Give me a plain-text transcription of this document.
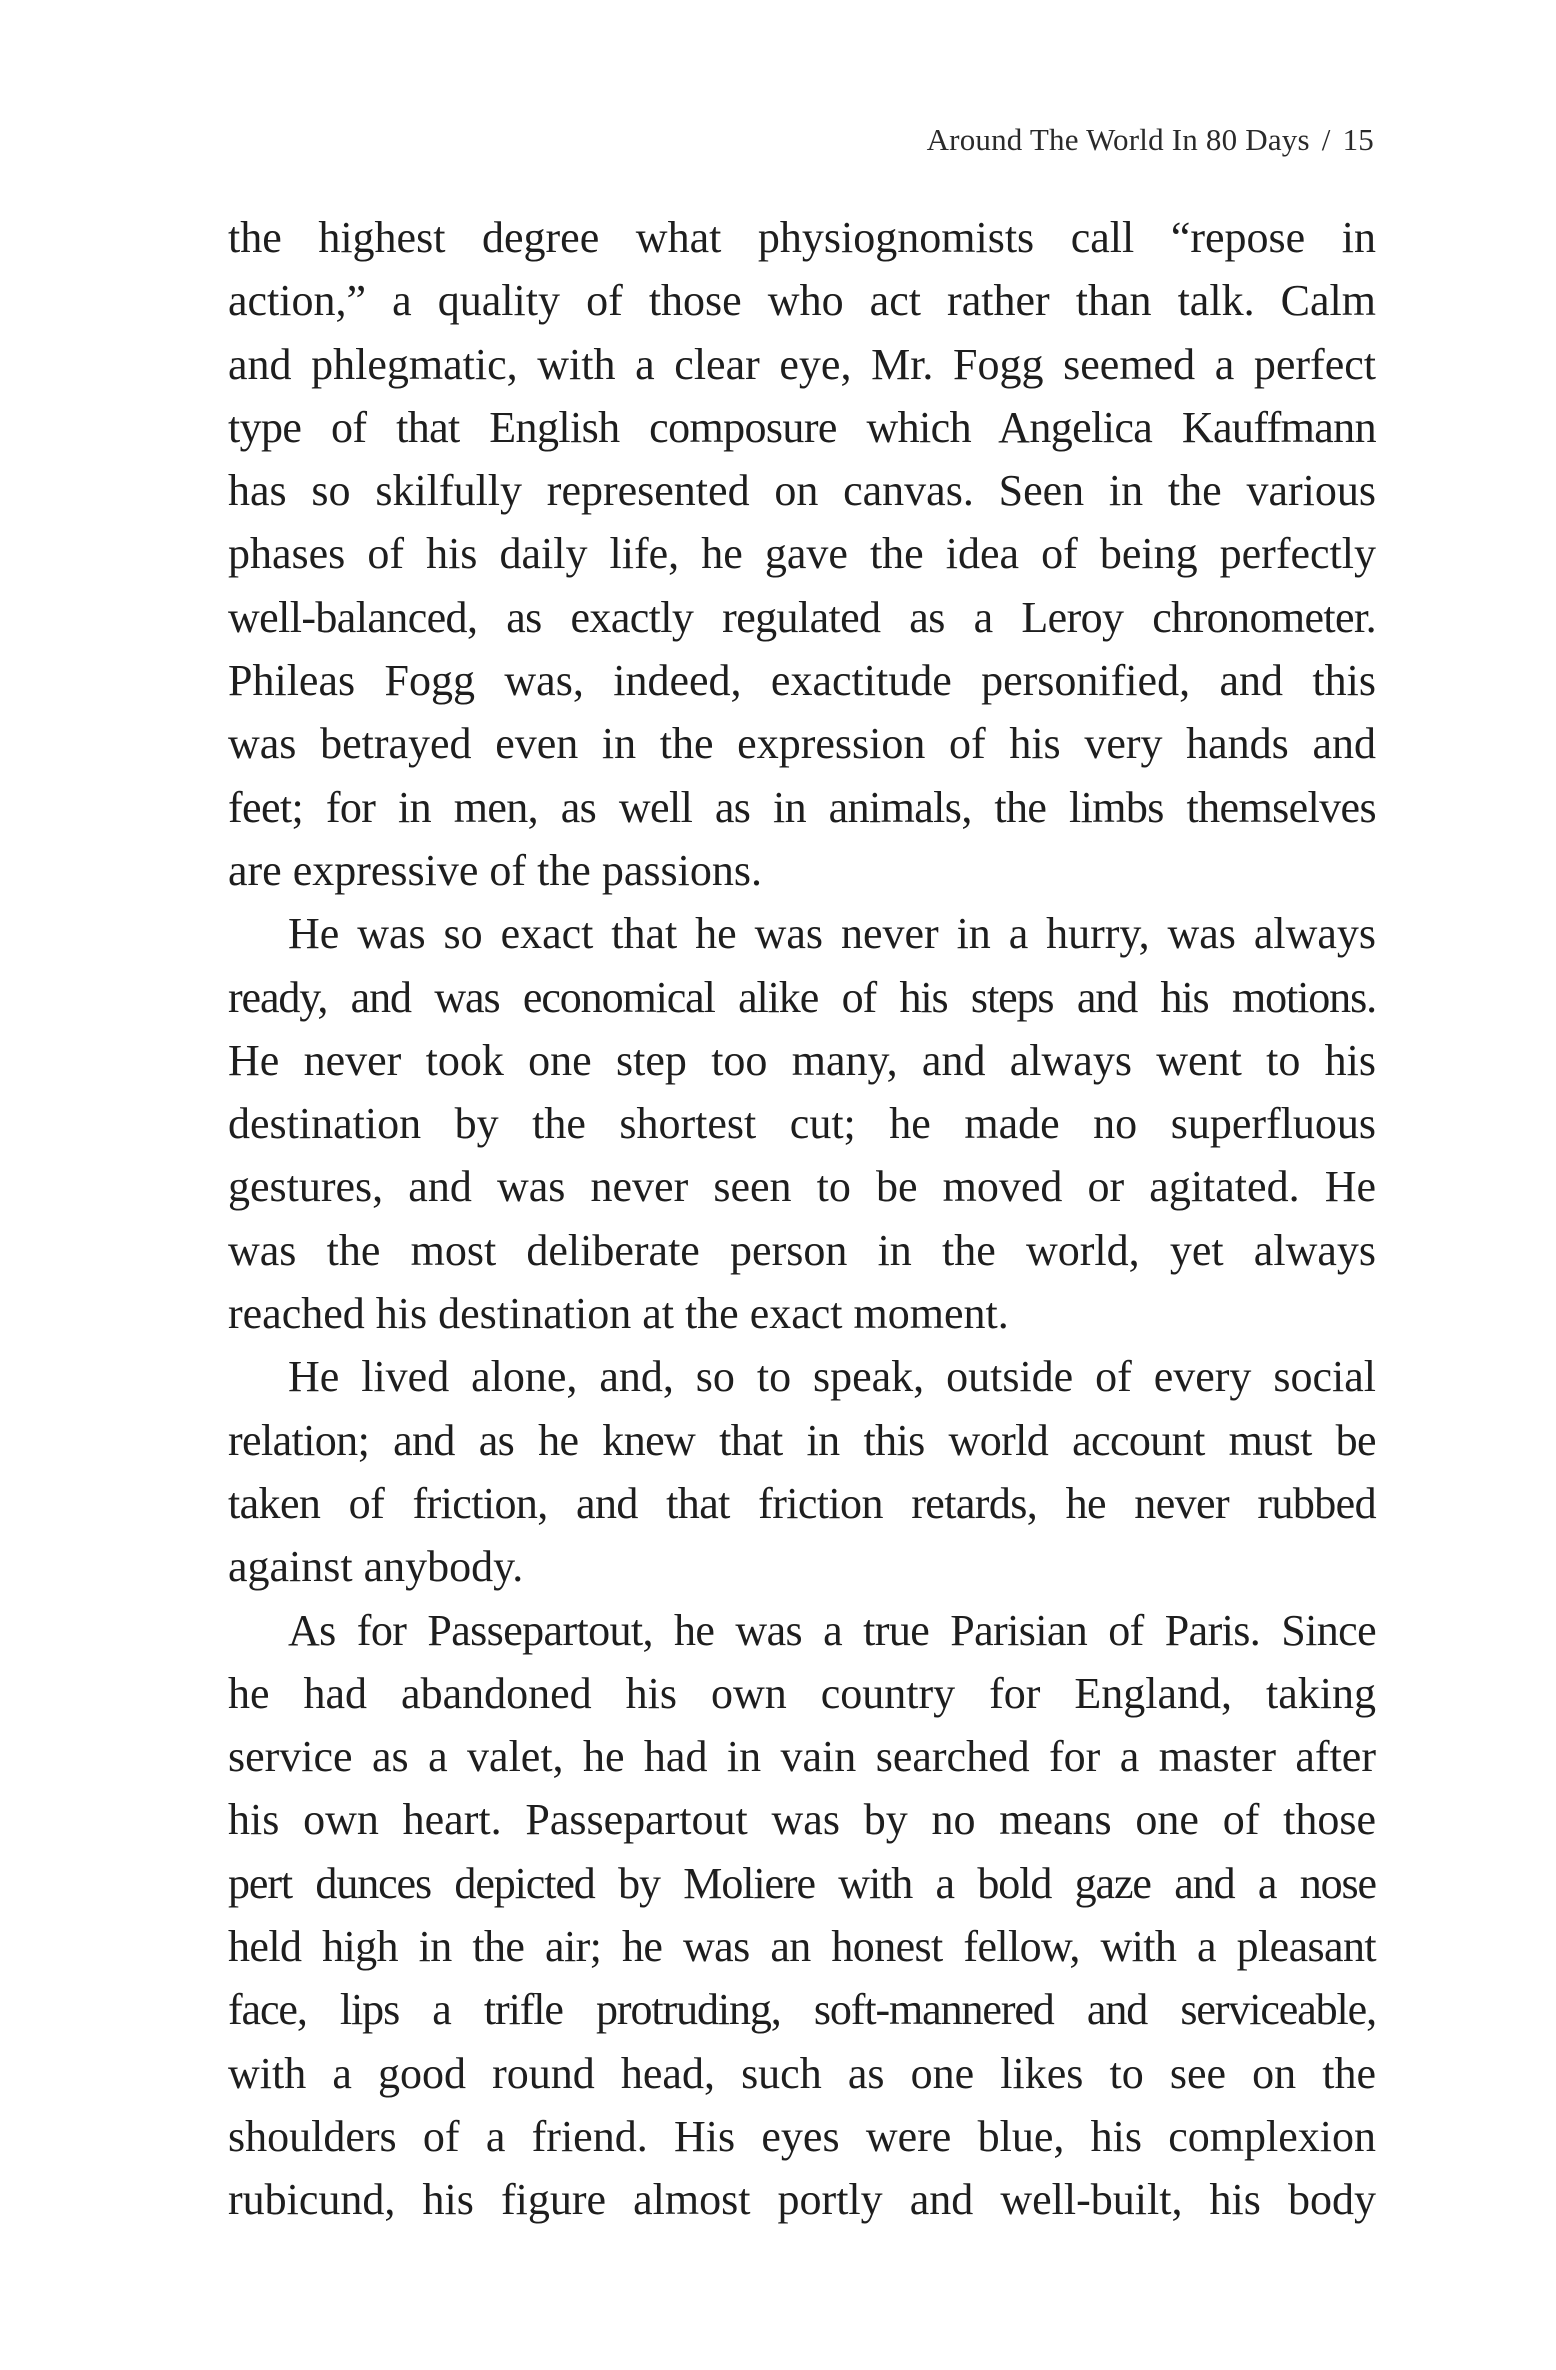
Around The World In 80 Days / 15
the highest degree what physiognomists call “repose in
action,” a quality of those who act rather than talk. Calm
and phlegmatic, with a clear eye, Mr. Fogg seemed a perfect
type of that English composure which Angelica Kauffmann
has so skilfully represented on canvas. Seen in the various
phases of his daily life, he gave the idea of being perfectly
well-balanced, as exactly regulated as a Leroy chronometer.
Phileas Fogg was, indeed, exactitude personified, and this
was betrayed even in the expression of his very hands and
feet; for in men, as well as in animals, the limbs themselves
are expressive of the passions.
He was so exact that he was never in a hurry, was always
ready, and was economical alike of his steps and his motions.
He never took one step too many, and always went to his
destination by the shortest cut; he made no superfluous
gestures, and was never seen to be moved or agitated. He
was the most deliberate person in the world, yet always
reached his destination at the exact moment.
He lived alone, and, so to speak, outside of every social
relation; and as he knew that in this world account must be
taken of friction, and that friction retards, he never rubbed
against anybody.
As for Passepartout, he was a true Parisian of Paris. Since
he had abandoned his own country for England, taking
service as a valet, he had in vain searched for a master after
his own heart. Passepartout was by no means one of those
pert dunces depicted by Moliere with a bold gaze and a nose
held high in the air; he was an honest fellow, with a pleasant
face, lips a trifle protruding, soft-mannered and serviceable,
with a good round head, such as one likes to see on the
shoulders of a friend. His eyes were blue, his complexion
rubicund, his figure almost portly and well-built, his body
